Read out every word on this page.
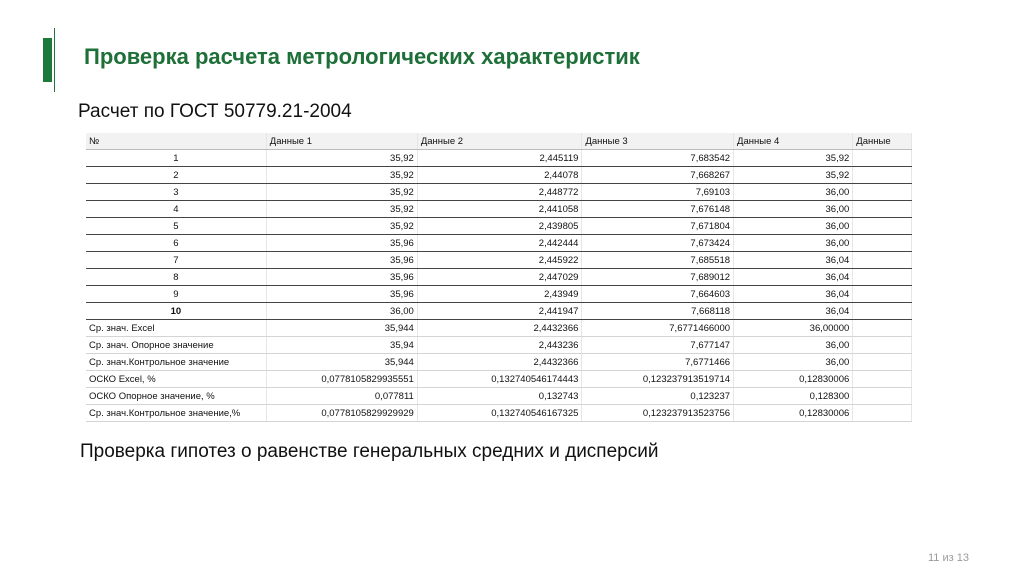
Проверка расчета метрологических характеристик
Расчет по ГОСТ 50779.21-2004
№	Данные 1	Данные 2	Данные 3	Данные 4	Данные
1	35,92	2,445119	7,683542	35,92	
2	35,92	2,44078	7,668267	35,92	
3	35,92	2,448772	7,69103	36,00	
4	35,92	2,441058	7,676148	36,00	
5	35,92	2,439805	7,671804	36,00	
6	35,96	2,442444	7,673424	36,00	
7	35,96	2,445922	7,685518	36,04	
8	35,96	2,447029	7,689012	36,04	
9	35,96	2,43949	7,664603	36,04	
10	36,00	2,441947	7,668118	36,04	
Ср. знач. Excel	35,944	2,4432366	7,6771466000	36,00000	
Ср. знач. Опорное значение	35,94	2,443236	7,677147	36,00	
Ср. знач.Контрольное значение	35,944	2,4432366	7,6771466	36,00	
ОСКО Excel, %	0,0778105829935551	0,132740546174443	0,123237913519714	0,12830006	
ОСКО Опорное значение, %	0,077811	0,132743	0,123237	0,128300	
Ср. знач.Контрольное значение,%	0,0778105829929929	0,132740546167325	0,123237913523756	0,12830006	
Проверка гипотез о равенстве генеральных средних и дисперсий
11 из 13
